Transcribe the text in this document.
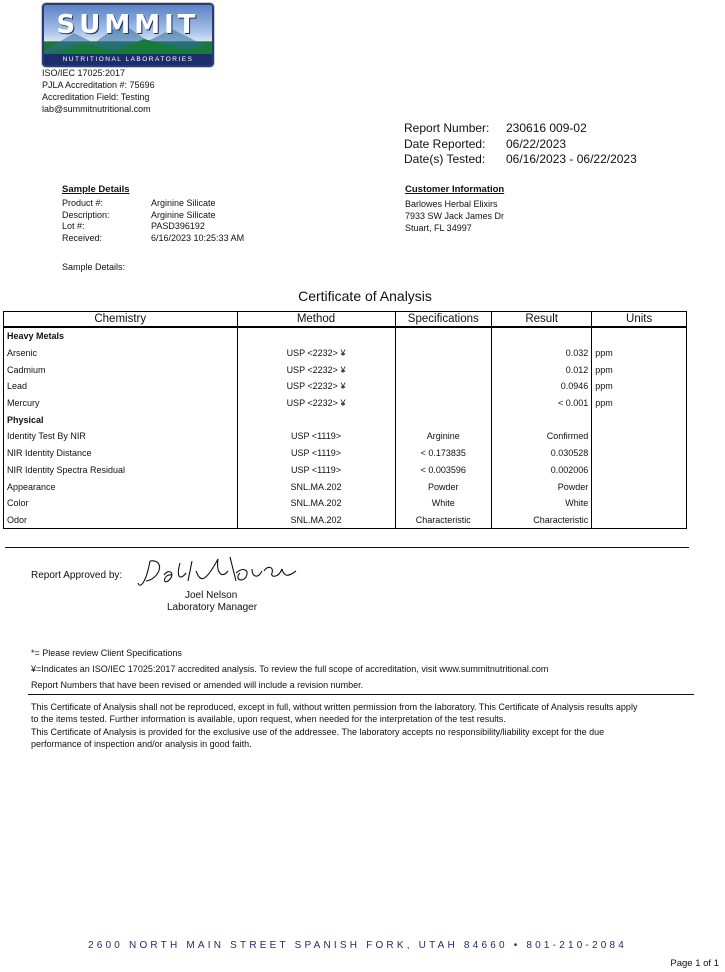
SUMMIT
NUTRITIONAL LABORATORIES
ISO/IEC 17025:2017
PJLA Accreditation #: 75696
Accreditation Field: Testing
lab@summitnutritional.com
Report Number:	230616 009-02
Date Reported:	06/22/2023
Date(s) Tested:	06/16/2023 - 06/22/2023
Sample Details
Product #:	Arginine Silicate
Description:	Arginine Silicate
Lot #:	PASD396192
Received:	6/16/2023 10:25:33 AM
Sample Details:
Customer Information
Barlowes Herbal Elixirs
7933 SW Jack James Dr
Stuart, FL 34997
Certificate of Analysis
Chemistry	Method	Specifications	Result	Units
Heavy Metals				
Arsenic	USP <2232> ¥		0.032	ppm
Cadmium	USP <2232> ¥		0.012	ppm
Lead	USP <2232> ¥		0.0946	ppm
Mercury	USP <2232> ¥		< 0.001	ppm
Physical				
Identity Test By NIR	USP <1119>	Arginine	Confirmed	
NIR Identity Distance	USP <1119>	< 0.173835	0.030528	
NIR Identity Spectra Residual	USP <1119>	< 0.003596	0.002006	
Appearance	SNL.MA.202	Powder	Powder	
Color	SNL.MA.202	White	White	
Odor	SNL.MA.202	Characteristic	Characteristic	
Report Approved by:
Joel Nelson
Laboratory Manager
*= Please review Client Specifications
¥=Indicates an ISO/IEC 17025:2017 accredited analysis. To review the full scope of accreditation, visit www.summitnutritional.com
Report Numbers that have been revised or amended will include a revision number.
This Certificate of Analysis shall not be reproduced, except in full, without written permission from the laboratory. This Certificate of Analysis results apply
to the items tested. Further information is available, upon request, when needed for the interpretation of the test results.
This Certificate of Analysis is provided for the exclusive use of the addressee. The laboratory accepts no responsibility/liability except for the due
performance of inspection and/or analysis in good faith.
2600 NORTH MAIN STREET SPANISH FORK, UTAH 84660 • 801-210-2084
Page 1 of 1
